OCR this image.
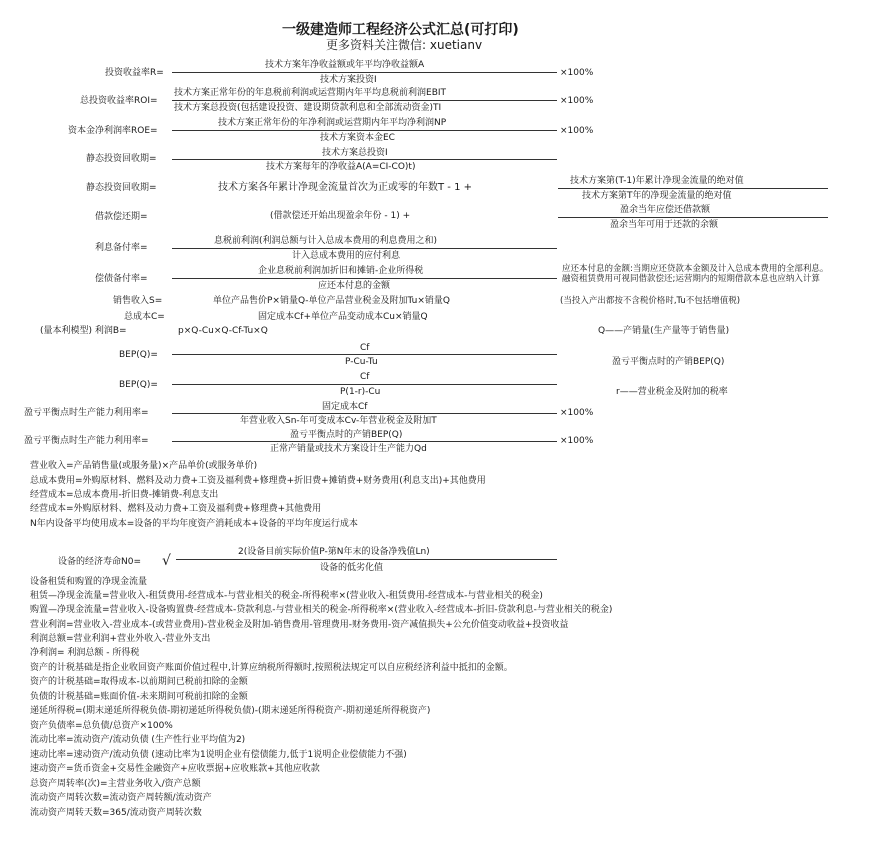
一级建造师工程经济公式汇总(可打印)
更多资料关注微信: xuetianv
投资收益率R=
技术方案年净收益额或年平均净收益额A
技术方案投资I
×100%
总投资收益率ROI=
技术方案正常年份的年息税前利润或运营期内年平均息税前利润EBIT
技术方案总投资(包括建设投资、建设期贷款利息和全部流动资金)TI
×100%
资本金净利润率ROE=
技术方案正常年份的年净利润或运营期内年平均净利润NP
技术方案资本金EC
×100%
静态投资回收期=
技术方案总投资I
技术方案每年的净收益A(A=CI-CO)t)
静态投资回收期=	技术方案各年累计净现金流量首次为正或零的年数T - 1 +
技术方案第(T-1)年累计净现金流量的绝对值
技术方案第T年的净现金流量的绝对值
借款偿还期=	(借款偿还开始出现盈余年份 - 1) +
盈余当年应偿还借款额
盈余当年可用于还款的余额
利息备付率=
息税前利润(利润总额与计入总成本费用的利息费用之和)
计入总成本费用的应付利息
偿债备付率=
企业息税前利润加折旧和摊销-企业所得税
应还本付息的金额
应还本付息的金额:当期应还贷款本金额及计入总成本费用的全部利息。融资租赁费用可视同借款偿还;运营期内的短期借款本息也应纳入计算
销售收入S=	单位产品售价P×销量Q-单位产品营业税金及附加Tu×销量Q	(当投入产出都按不含税价格时,Tu不包括增值税)
总成本C=	固定成本Cf+单位产品变动成本Cu×销量Q
(量本利模型) 利润B=	p×Q-Cu×Q-Cf-Tu×Q	Q——产销量(生产量等于销售量)
BEP(Q)=
Cf
P-Cu-Tu	盈亏平衡点时的产销BEP(Q)
BEP(Q)=
Cf
P(1-r)-Cu	r——营业税金及附加的税率
盈亏平衡点时生产能力利用率=
固定成本Cf
年营业收入Sn-年可变成本Cv-年营业税金及附加T
×100%
盈亏平衡点时生产能力利用率=
盈亏平衡点时的产销BEP(Q)
正常产销量或技术方案设计生产能力Qd
×100%
营业收入=产品销售量(或服务量)×产品单价(或服务单价)
总成本费用=外购原材料、燃料及动力费+工资及福利费+修理费+折旧费+摊销费+财务费用(利息支出)+其他费用
经营成本=总成本费用-折旧费-摊销费-利息支出
经营成本=外购原材料、燃料及动力费+工资及福利费+修理费+其他费用
N年内设备平均使用成本=设备的平均年度资产消耗成本+设备的平均年度运行成本
设备的经济寿命N0= √
2(设备目前实际价值P-第N年末的设备净残值Ln)
设备的低劣化值
设备租赁和购置的净现金流量
租赁—净现金流量=营业收入-租赁费用-经营成本-与营业相关的税金-所得税率×(营业收入-租赁费用-经营成本-与营业相关的税金)
购置—净现金流量=营业收入-设备购置费-经营成本-贷款利息-与营业相关的税金-所得税率×(营业收入-经营成本-折旧-贷款利息-与营业相关的税金)
营业利润=营业收入-营业成本-(或营业费用)-营业税金及附加-销售费用-管理费用-财务费用-资产减值损失+公允价值变动收益+投资收益
利润总额=营业利润+营业外收入-营业外支出
净利润= 利润总额 - 所得税
资产的计税基础是指企业收回资产账面价值过程中,计算应纳税所得额时,按照税法规定可以自应税经济利益中抵扣的金额。
资产的计税基础=取得成本-以前期间已税前扣除的金额
负债的计税基础=账面价值-未来期间可税前扣除的金额
递延所得税=(期末递延所得税负债-期初递延所得税负债)-(期末递延所得税资产-期初递延所得税资产)
资产负债率=总负债/总资产×100%
流动比率=流动资产/流动负债 (生产性行业平均值为2)
速动比率=速动资产/流动负债 (速动比率为1说明企业有偿债能力,低于1说明企业偿债能力不强)
速动资产=货币资金+交易性金融资产+应收票据+应收账款+其他应收款
总资产周转率(次)=主营业务收入/资产总额
流动资产周转次数=流动资产周转额/流动资产
流动资产周转天数=365/流动资产周转次数
